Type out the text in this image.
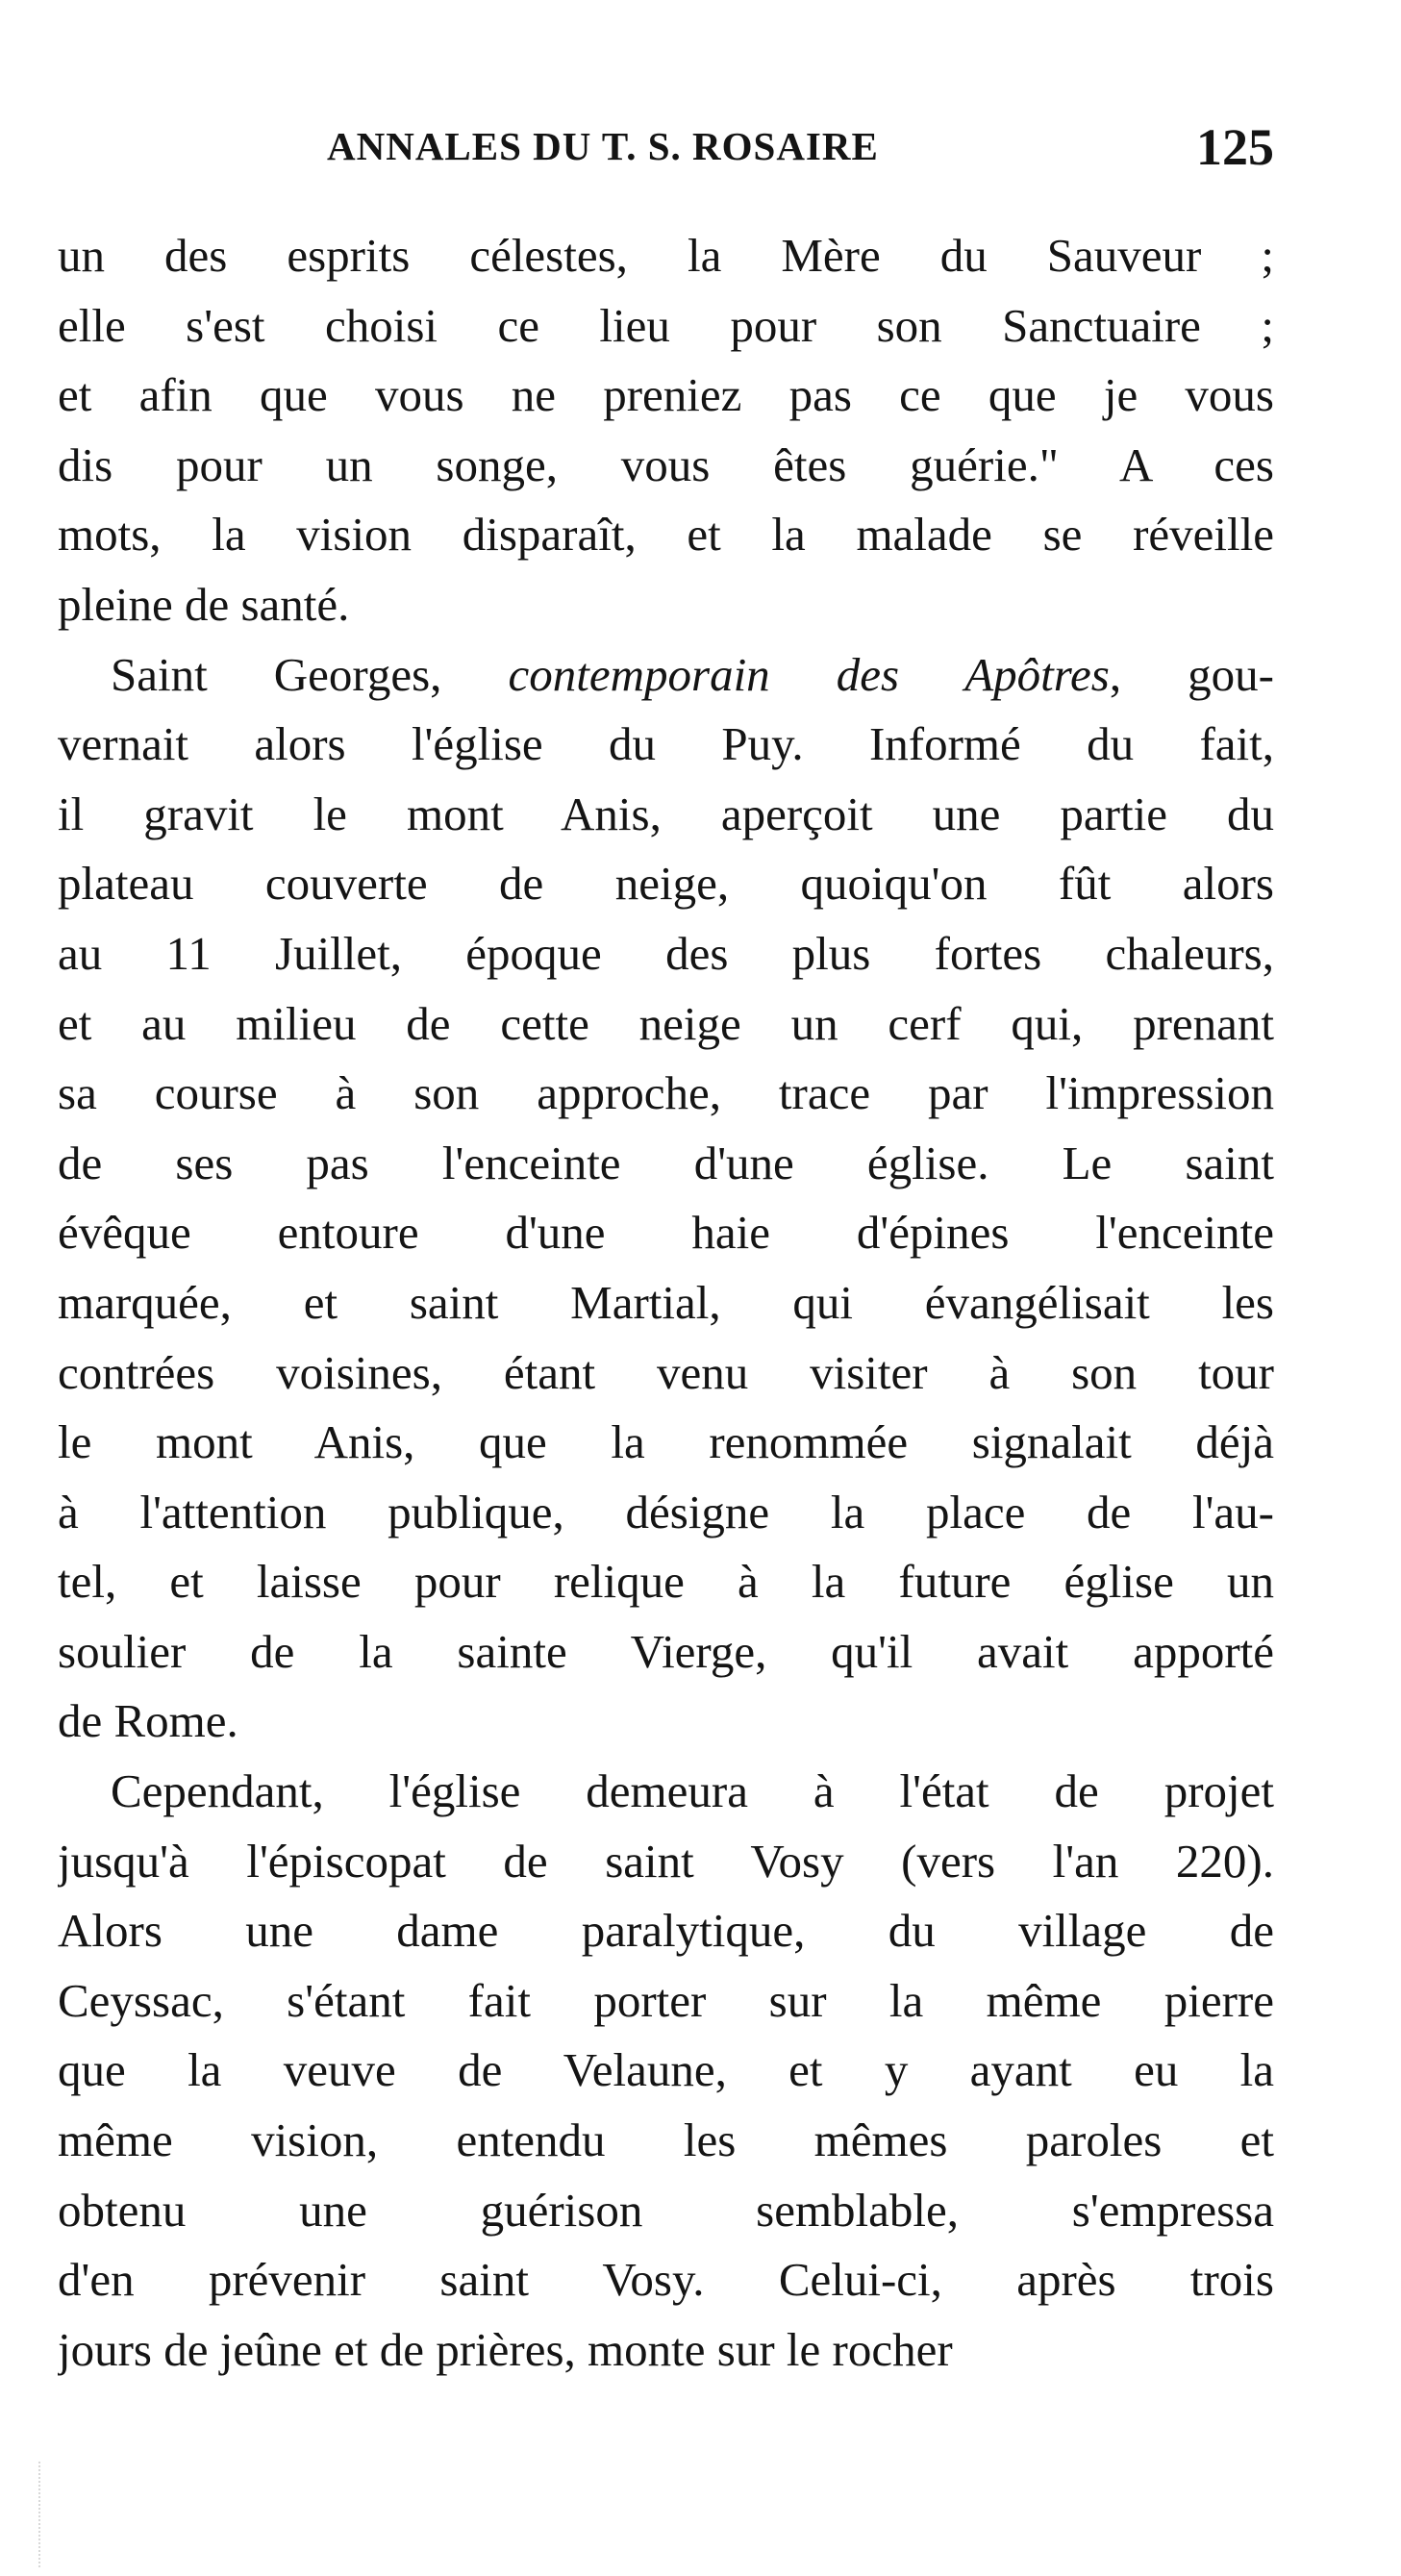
ANNALES DU T. S. ROSAIRE	125
un des esprits célestes, la Mère du Sauveur ;
elle s'est choisi ce lieu pour son Sanctuaire ;
et afin que vous ne preniez pas ce que je vous
dis pour un songe, vous êtes guérie." A ces
mots, la vision disparaît, et la malade se réveille
pleine de santé.
Saint Georges, contemporain des Apôtres, gou-
vernait alors l'église du Puy. Informé du fait,
il gravit le mont Anis, aperçoit une partie du
plateau couverte de neige, quoiqu'on fût alors
au 11 Juillet, époque des plus fortes chaleurs,
et au milieu de cette neige un cerf qui, prenant
sa course à son approche, trace par l'impression
de ses pas l'enceinte d'une église. Le saint
évêque entoure d'une haie d'épines l'enceinte
marquée, et saint Martial, qui évangélisait les
contrées voisines, étant venu visiter à son tour
le mont Anis, que la renommée signalait déjà
à l'attention publique, désigne la place de l'au-
tel, et laisse pour relique à la future église un
soulier de la sainte Vierge, qu'il avait apporté
de Rome.
Cependant, l'église demeura à l'état de projet
jusqu'à l'épiscopat de saint Vosy (vers l'an 220).
Alors une dame paralytique, du village de
Ceyssac, s'étant fait porter sur la même pierre
que la veuve de Velaune, et y ayant eu la
même vision, entendu les mêmes paroles et
obtenu une guérison semblable, s'empressa
d'en prévenir saint Vosy. Celui-ci, après trois
jours de jeûne et de prières, monte sur le rocher
